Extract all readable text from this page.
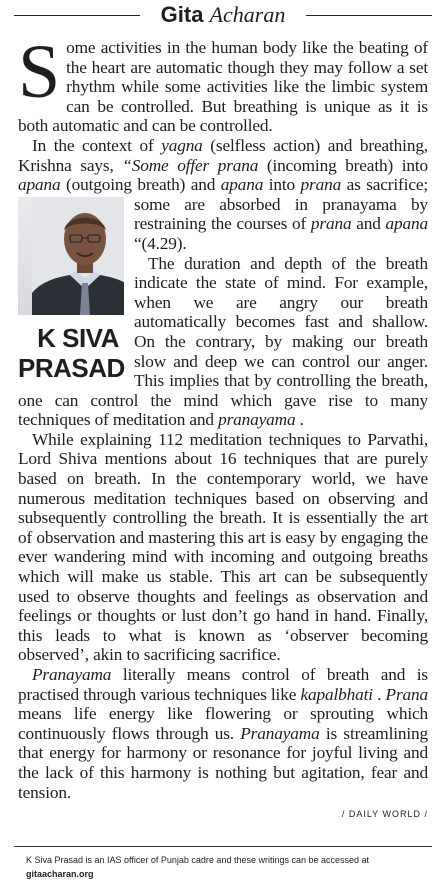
Gita Acharan

Some activities in the human body like the beating of the heart are automatic though they may follow a set rhythm while some activities like the limbic system can be controlled. But breathing is unique as it is both automatic and can be controlled.

In the context of yagna (selfless action) and breathing, Krishna says, “Some offer prana (incoming breath) into apana (outgoing breath) and apana into prana
K SIVA
PRASAD
as sacrifice; some are absorbed in pranayama by restraining the courses of prana and apana “(4.29).

The duration and depth of the breath indicate the state of mind. For example, when we are angry our breath automatically becomes fast and shallow. On the contrary, by making our breath slow and deep we can control our anger. This implies that by controlling the breath, one can control the mind which gave rise to many techniques of meditation and pranayama .

While explaining 112 meditation techniques to Parvathi, Lord Shiva mentions about 16 techniques that are purely based on breath. In the contemporary world, we have numerous meditation techniques based on observing and subsequently controlling the breath. It is essentially the art of observation and mastering this art is easy by engaging the ever wandering mind with incoming and outgoing breaths which will make us stable. This art can be subsequently used to observe thoughts and feelings as observation and feelings or thoughts or lust don’t go hand in hand. Finally, this leads to what is known as ‘observer becoming observed’, akin to sacrificing sacrifice.

Pranayama literally means control of breath and is practised through various techniques like kapalbhati . Prana means life energy like flowering or sprouting which continuously flows through us. Pranayama is streamlining that energy for harmony or resonance for joyful living and the lack of this harmony is nothing but agitation, fear and tension.

/ DAILY WORLD /
K Siva Prasad is an IAS officer of Punjab cadre and these writings can be accessed at gitaacharan.org
